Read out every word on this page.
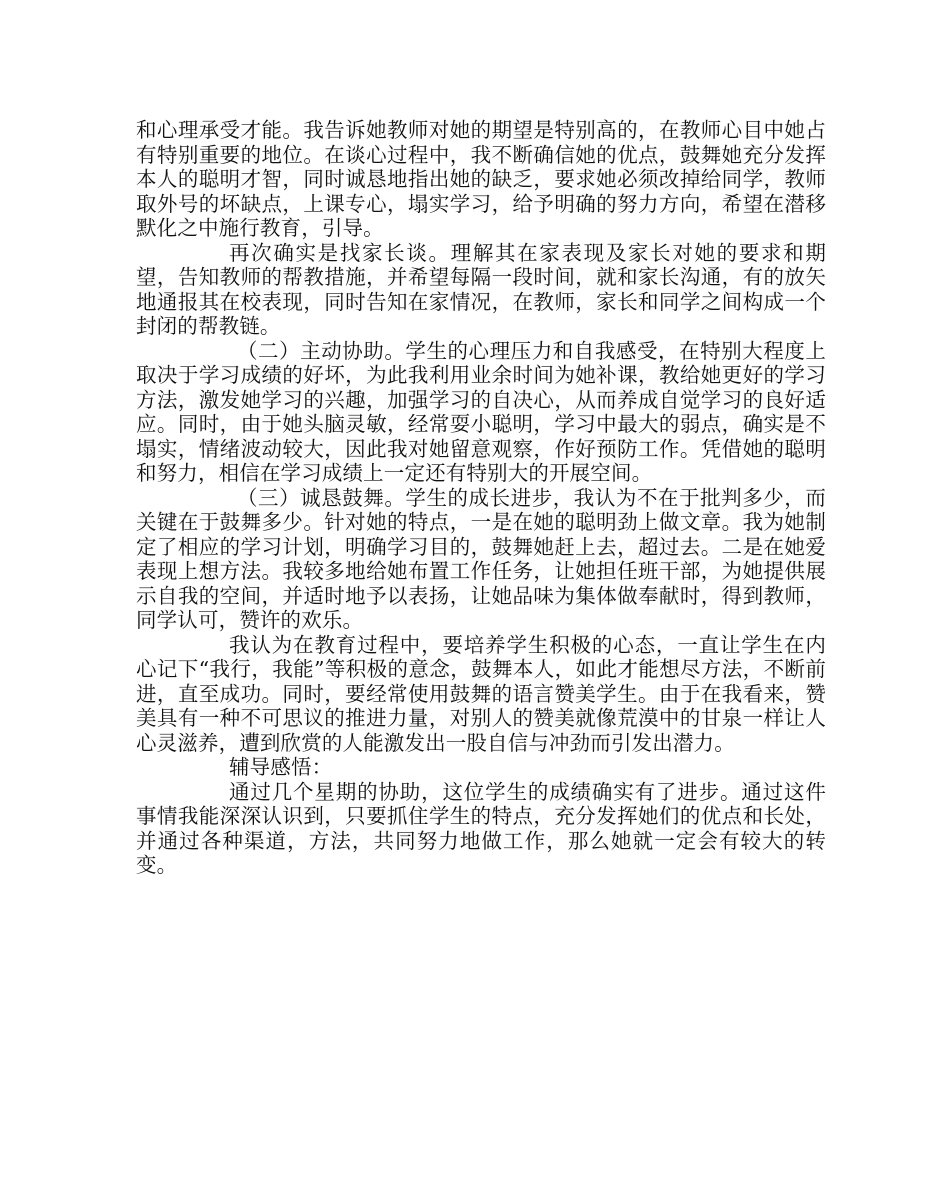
和心理承受才能。我告诉她教师对她的期望是特别高的，在教师心目中她占有特别重要的地位。在谈心过程中，我不断确信她的优点，鼓舞她充分发挥本人的聪明才智，同时诚恳地指出她的缺乏，要求她必须改掉给同学，教师取外号的坏缺点，上课专心，塌实学习，给予明确的努力方向，希望在潜移默化之中施行教育，引导。

再次确实是找家长谈。理解其在家表现及家长对她的要求和期望，告知教师的帮教措施，并希望每隔一段时间，就和家长沟通，有的放矢地通报其在校表现，同时告知在家情况，在教师，家长和同学之间构成一个封闭的帮教链。

（二）主动协助。学生的心理压力和自我感受，在特别大程度上取决于学习成绩的好坏，为此我利用业余时间为她补课，教给她更好的学习方法，激发她学习的兴趣，加强学习的自决心，从而养成自觉学习的良好适应。同时，由于她头脑灵敏，经常耍小聪明，学习中最大的弱点，确实是不塌实，情绪波动较大，因此我对她留意观察，作好预防工作。凭借她的聪明和努力，相信在学习成绩上一定还有特别大的开展空间。

（三）诚恳鼓舞。学生的成长进步，我认为不在于批判多少，而关键在于鼓舞多少。针对她的特点，一是在她的聪明劲上做文章。我为她制定了相应的学习计划，明确学习目的，鼓舞她赶上去，超过去。二是在她爱表现上想方法。我较多地给她布置工作任务，让她担任班干部，为她提供展示自我的空间，并适时地予以表扬，让她品味为集体做奉献时，得到教师，同学认可，赞许的欢乐。

我认为在教育过程中，要培养学生积极的心态，一直让学生在内心记下“我行，我能”等积极的意念，鼓舞本人，如此才能想尽方法，不断前进，直至成功。同时，要经常使用鼓舞的语言赞美学生。由于在我看来，赞美具有一种不可思议的推进力量，对别人的赞美就像荒漠中的甘泉一样让人心灵滋养，遭到欣赏的人能激发出一股自信与冲劲而引发出潜力。

辅导感悟：

通过几个星期的协助，这位学生的成绩确实有了进步。通过这件事情我能深深认识到，只要抓住学生的特点，充分发挥她们的优点和长处，并通过各种渠道，方法，共同努力地做工作，那么她就一定会有较大的转变。
